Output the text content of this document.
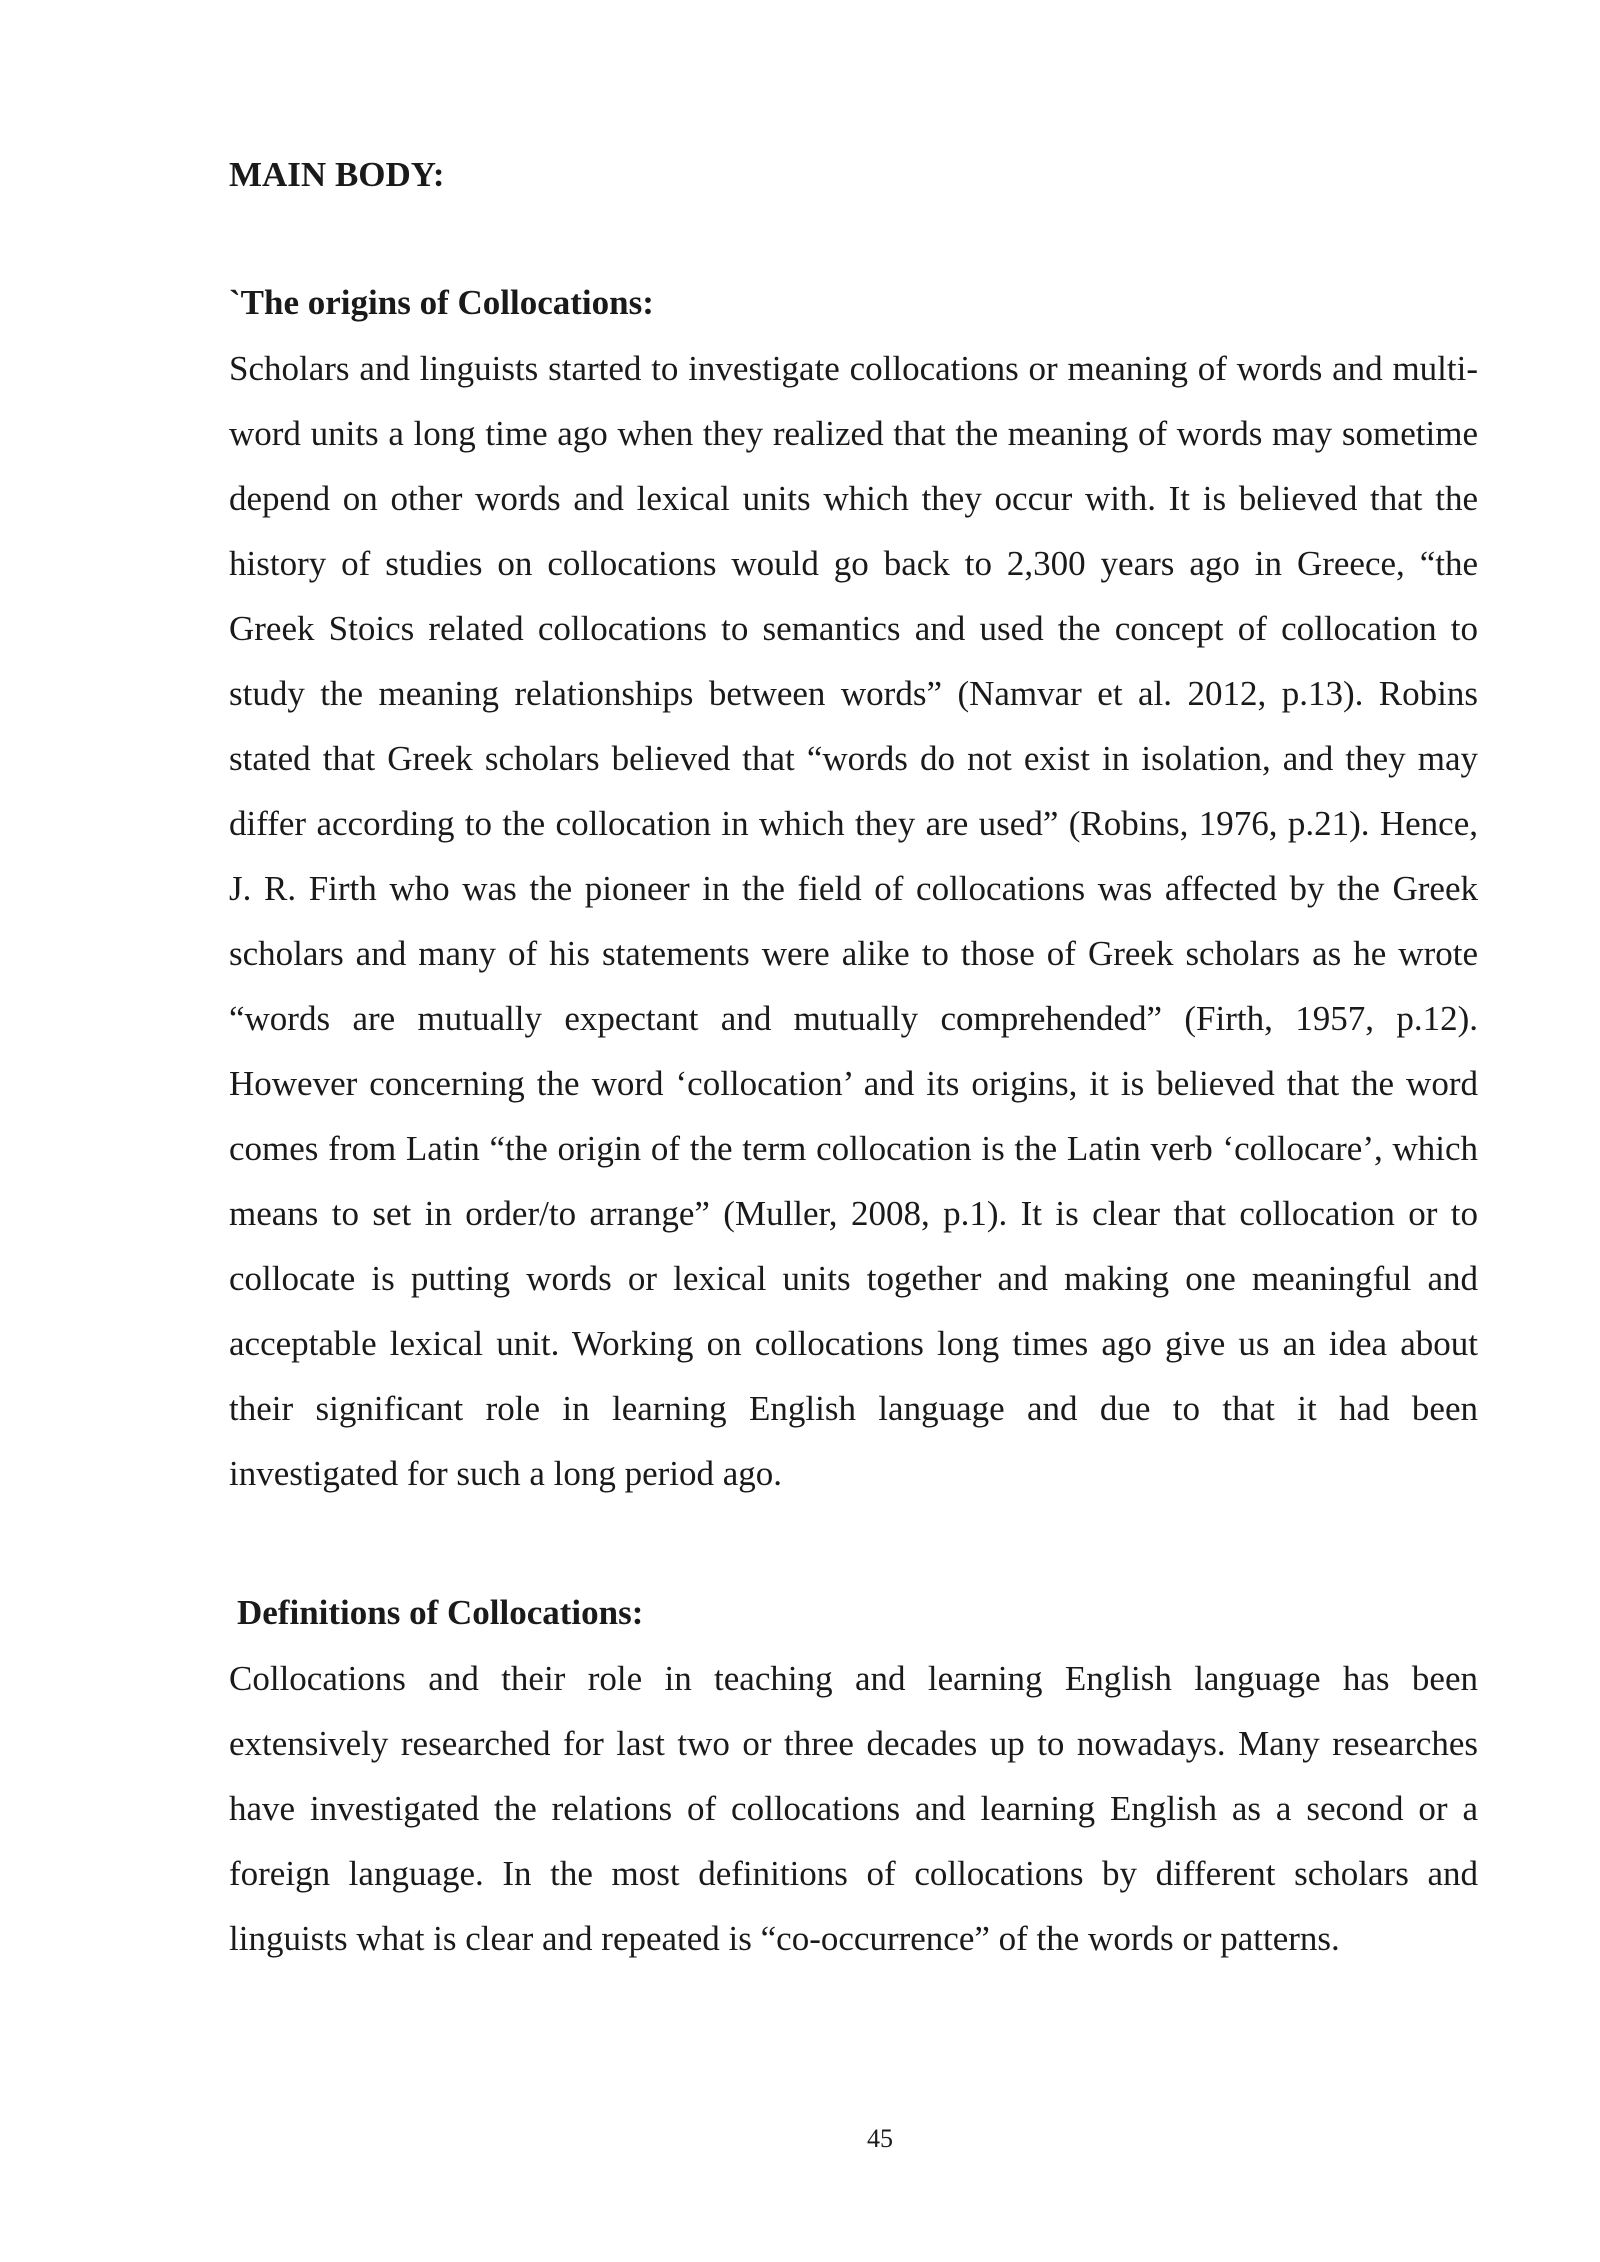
MAIN BODY:

`The origins of Collocations:

Scholars and linguists started to investigate collocations or meaning of words and multi-word units a long time ago when they realized that the meaning of words may sometime depend on other words and lexical units which they occur with. It is believed that the history of studies on collocations would go back to 2,300 years ago in Greece, “the Greek Stoics related collocations to semantics and used the concept of collocation to study the meaning relationships between words” (Namvar et al. 2012, p.13). Robins stated that Greek scholars believed that “words do not exist in isolation, and they may differ according to the collocation in which they are used” (Robins, 1976, p.21). Hence, J. R. Firth who was the pioneer in the field of collocations was affected by the Greek scholars and many of his statements were alike to those of Greek scholars as he wrote “words are mutually expectant and mutually comprehended” (Firth, 1957, p.12). However concerning the word ‘collocation’ and its origins, it is believed that the word comes from Latin “the origin of the term collocation is the Latin verb ‘collocare’, which means to set in order/to arrange” (Muller, 2008, p.1). It is clear that collocation or to collocate is putting words or lexical units together and making one meaningful and acceptable lexical unit. Working on collocations long times ago give us an idea about their significant role in learning English language and due to that it had been investigated for such a long period ago.

Definitions of Collocations:

Collocations and their role in teaching and learning English language has been extensively researched for last two or three decades up to nowadays. Many researches have investigated the relations of collocations and learning English as a second or a foreign language. In the most definitions of collocations by different scholars and linguists what is clear and repeated is “co-occurrence” of the words or patterns.

45
